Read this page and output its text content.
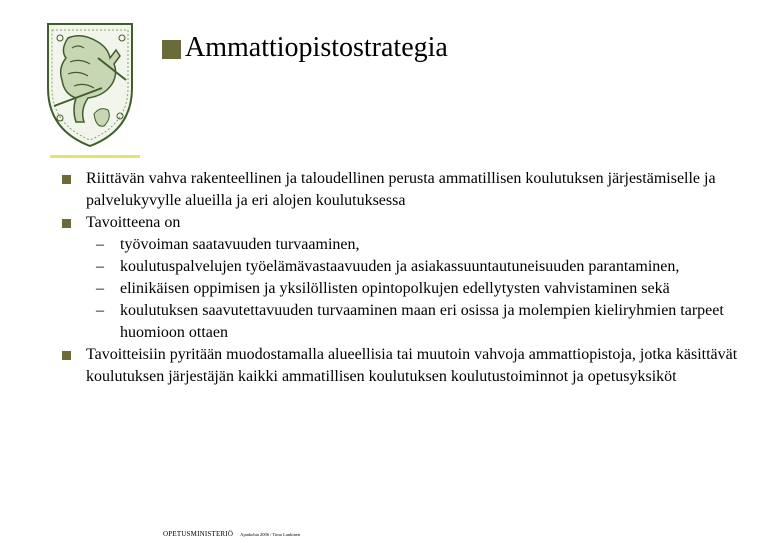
Ammattiopistostrategia
Riittävän vahva rakenteellinen ja taloudellinen perusta ammatillisen koulutuksen järjestämiselle ja palvelukyvylle alueilla ja eri alojen koulutuksessa
Tavoitteena on
– työvoiman saatavuuden turvaaminen,
– koulutuspalvelujen työelämävastaavuuden ja asiakassuuntautuneisuuden parantaminen,
– elinikäisen oppimisen ja yksilöllisten opintopolkujen edellytysten vahvistaminen sekä
– koulutuksen saavutettavuuden turvaaminen maan eri osissa ja molempien kieliryhmien tarpeet huomioon ottaen
Tavoitteisiin pyritään muodostamalla alueellisia tai muutoin vahvoja ammattiopistoja, jotka käsittävät koulutuksen järjestäjän kaikki ammatillisen koulutuksen koulutustoiminnot ja opetusyksiköt
OPETUSMINISTERIÖ Ajankohta 2006 / Timo Lankinen
